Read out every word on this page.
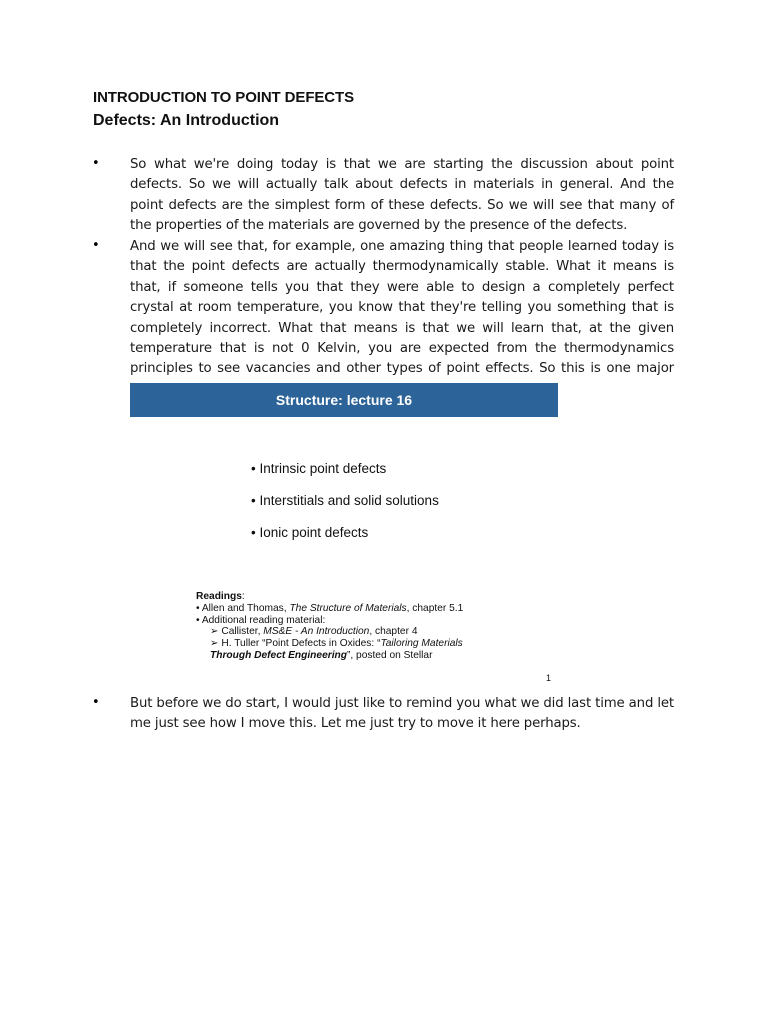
INTRODUCTION TO POINT DEFECTS
Defects: An Introduction
• So what we're doing today is that we are starting the discussion about point defects. So we will actually talk about defects in materials in general. And the point defects are the simplest form of these defects. So we will see that many of the properties of the materials are governed by the presence of the defects.
• And we will see that, for example, one amazing thing that people learned today is that the point defects are actually thermodynamically stable. What it means is that, if someone tells you that they were able to design a completely perfect crystal at room temperature, you know that they're telling you something that is completely incorrect. What that means is that we will learn that, at the given temperature that is not 0 Kelvin, you are expected from the thermodynamics principles to see vacancies and other types of point effects. So this is one major
Structure: lecture 16
• Intrinsic point defects
• Interstitials and solid solutions
• Ionic point defects
Readings:
• Allen and Thomas, The Structure of Materials, chapter 5.1
• Additional reading material:
➢ Callister, MS&E - An Introduction, chapter 4
➢ H. Tuller “Point Defects in Oxides: “Tailoring Materials
Through Defect Engineering”, posted on Stellar
1
• But before we do start, I would just like to remind you what we did last time and let me just see how I move this. Let me just try to move it here perhaps.
